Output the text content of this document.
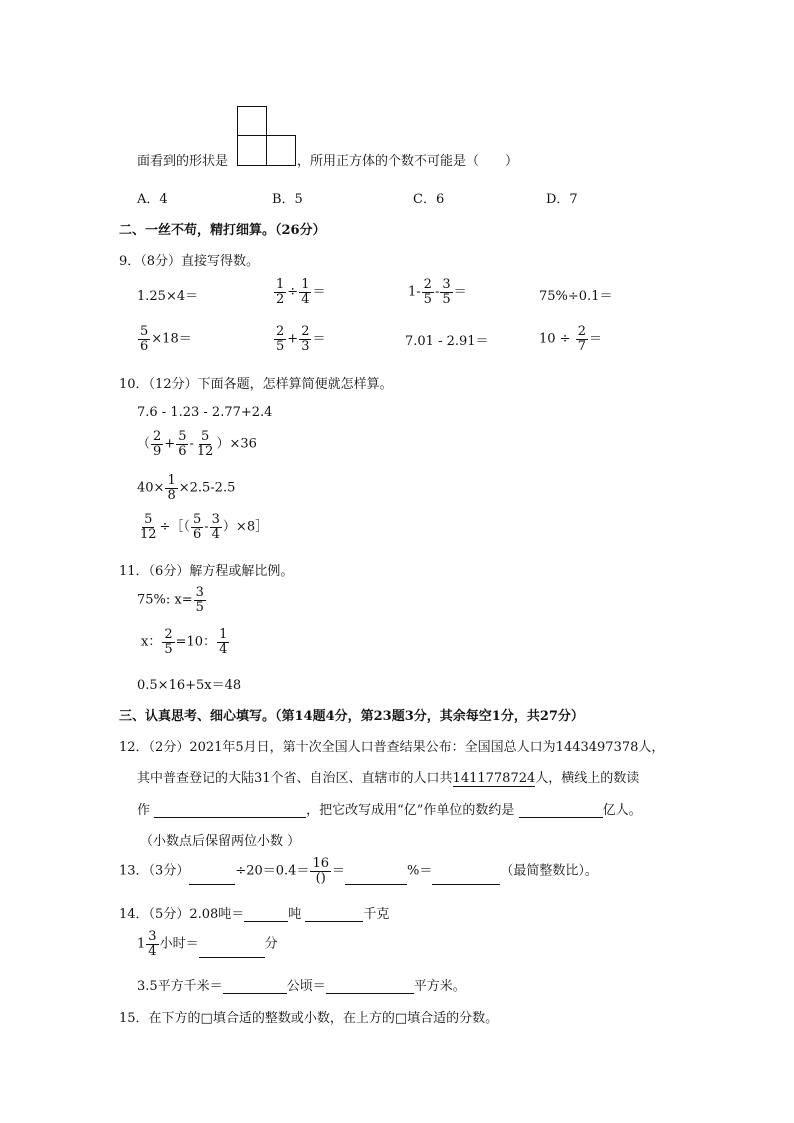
面看到的形状是	，所用正方体的个数不可能是（　　）
A．4	B．5	C．6	D．7
二、一丝不苟，精打细算。（26分）
9．（8分）直接写得数。
1.25×4＝	$\frac{1}{2} \div \frac{1}{4}$ ＝	$1- \frac{2}{5} - \frac{3}{5}$ ＝	75%÷0.1＝
$\frac{5}{6} \times 18=$	$\frac{2}{5} + \frac{2}{3}$ ＝	7.01 - 2.91＝	$10 \div \frac{2}{7}$ ＝
10．（12分）下面各题，怎样算简便就怎样算。
7.6 - 1.23 - 2.77+2.4
（ $\frac{2}{9} + \frac{5}{6} - \frac{5}{12} )\times 36$
$40\times \frac{1}{8} \times 2.5-2.5$
$\frac{5}{12}$ ÷［（ $\frac{5}{6} - \frac{3}{4}$ ）×8］
11．（6分）解方程或解比例。
75%: $x= \frac{3}{5}$
x： $\frac{2}{5} =10$： $\frac{1}{4}$
0.5×16+5x＝48
三、认真思考、细心填写。（第14题4分，第23题3分，其余每空1分，共27分）
12．（2分）2021年5月日，第十次全国人口普查结果公布：全国国总人口为1443497378人，
其中普查登记的大陆31个省、自治区、直辖市的人口共1411778724人，横线上的数读
作	，把它改写成用“亿”作单位的数约是	亿人。
（小数点后保留两位小数 ）
13．（3分）	$\div 20=0.4= \frac{16}{()}$ ＝	%＝	（最简整数比）。
14．（5分）2.08吨＝	吨	千克
$1 \frac{3}{4}$ 小时＝	分
3.5平方千米＝	公顷＝	平方米。
15．在下方的□填合适的整数或小数，在上方的□填合适的分数。
